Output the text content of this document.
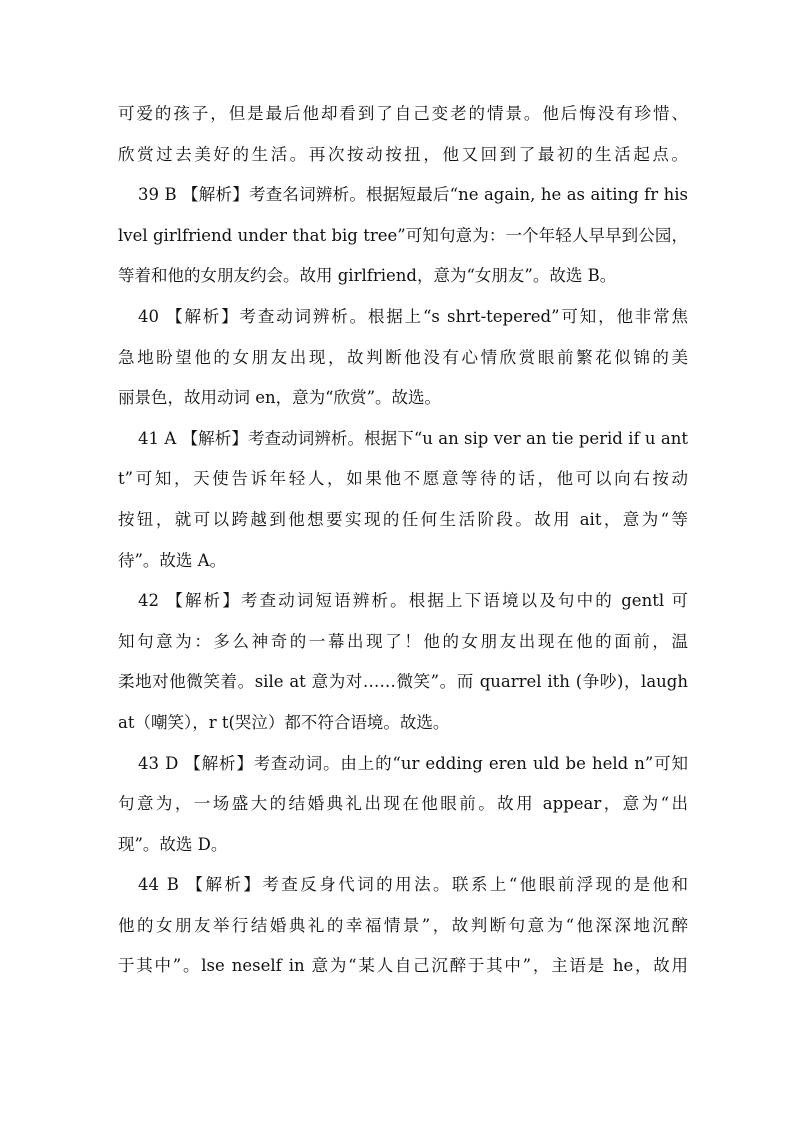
可爱的孩子，但是最后他却看到了自己变老的情景。他后悔没有珍惜、
欣赏过去美好的生活。再次按动按扭，他又回到了最初的生活起点。
39 B 【解析】考查名词辨析。根据短最后“ne again, he as aiting fr his
lvel girlfriend under that big tree”可知句意为：一个年轻人早早到公园，
等着和他的女朋友约会。故用 girlfriend，意为“女朋友”。故选 B。
40 【解析】考查动词辨析。根据上“s shrt-tepered”可知，他非常焦
急地盼望他的女朋友出现，故判断他没有心情欣赏眼前繁花似锦的美
丽景色，故用动词 en，意为“欣赏”。故选。
41 A 【解析】考查动词辨析。根据下“u an sip ver an tie perid if u ant
t”可知，天使告诉年轻人，如果他不愿意等待的话，他可以向右按动
按钮，就可以跨越到他想要实现的任何生活阶段。故用 ait，意为“等
待”。故选 A。
42 【解析】考查动词短语辨析。根据上下语境以及句中的 gentl 可
知句意为：多么神奇的一幕出现了！他的女朋友出现在他的面前，温
柔地对他微笑着。sile at 意为对……微笑”。而 quarrel ith (争吵)，laugh
at（嘲笑），r t(哭泣）都不符合语境。故选。
43 D 【解析】考查动词。由上的“ur edding eren uld be held n”可知
句意为，一场盛大的结婚典礼出现在他眼前。故用 appear，意为“出
现”。故选 D。
44 B 【解析】考查反身代词的用法。联系上“他眼前浮现的是他和
他的女朋友举行结婚典礼的幸福情景”，故判断句意为“他深深地沉醉
于其中”。lse neself in 意为“某人自己沉醉于其中”，主语是 he，故用
